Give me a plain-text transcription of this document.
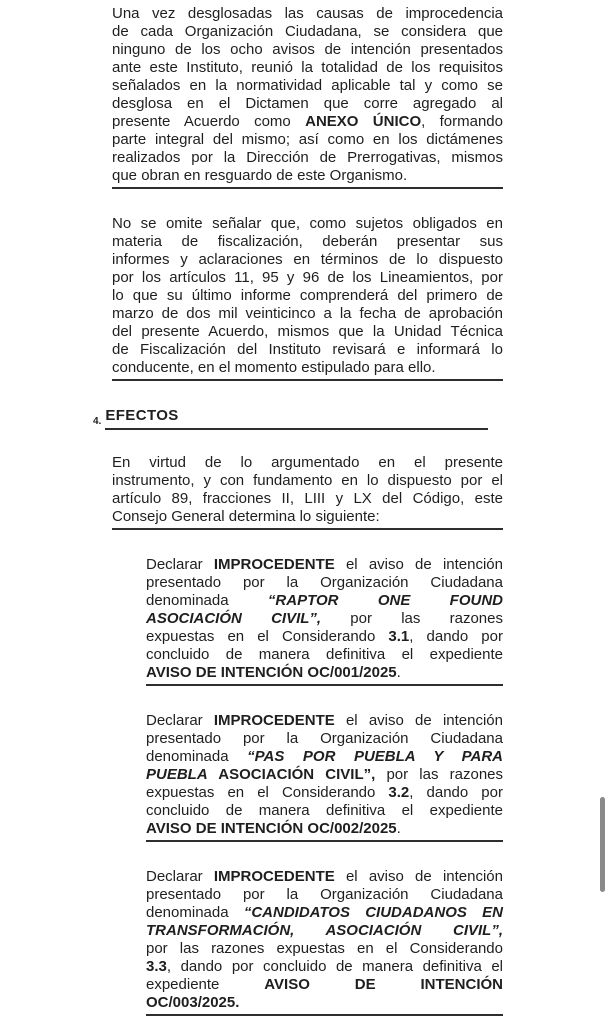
Una vez desglosadas las causas de improcedencia
de cada Organización Ciudadana, se considera que
ninguno de los ocho avisos de intención presentados
ante este Instituto, reunió la totalidad de los requisitos
señalados en la normatividad aplicable tal y como se
desglosa en el Dictamen que corre agregado al
presente Acuerdo como ANEXO ÚNICO, formando
parte integral del mismo; así como en los dictámenes
realizados por la Dirección de Prerrogativas, mismos
que obran en resguardo de este Organismo.
No se omite señalar que, como sujetos obligados en
materia de fiscalización, deberán presentar sus
informes y aclaraciones en términos de lo dispuesto
por los artículos 11, 95 y 96 de los Lineamientos, por
lo que su último informe comprenderá del primero de
marzo de dos mil veinticinco a la fecha de aprobación
del presente Acuerdo, mismos que la Unidad Técnica
de Fiscalización del Instituto revisará e informará lo
conducente, en el momento estipulado para ello.
4. EFECTOS
En virtud de lo argumentado en el presente
instrumento, y con fundamento en lo dispuesto por el
artículo 89, fracciones II, LIII y LX del Código, este
Consejo General determina lo siguiente:
Declarar IMPROCEDENTE el aviso de intención
presentado por la Organización Ciudadana
denominada “RAPTOR ONE FOUND
ASOCIACIÓN CIVIL”, por las razones
expuestas en el Considerando 3.1, dando por
concluido de manera definitiva el expediente
AVISO DE INTENCIÓN OC/001/2025.
Declarar IMPROCEDENTE el aviso de intención
presentado por la Organización Ciudadana
denominada “PAS POR PUEBLA Y PARA
PUEBLA ASOCIACIÓN CIVIL”, por las razones
expuestas en el Considerando 3.2, dando por
concluido de manera definitiva el expediente
AVISO DE INTENCIÓN OC/002/2025.
Declarar IMPROCEDENTE el aviso de intención
presentado por la Organización Ciudadana
denominada “CANDIDATOS CIUDADANOS EN
TRANSFORMACIÓN, ASOCIACIÓN CIVIL”,
por las razones expuestas en el Considerando
3.3, dando por concluido de manera definitiva el
expediente AVISO DE INTENCIÓN
OC/003/2025.
